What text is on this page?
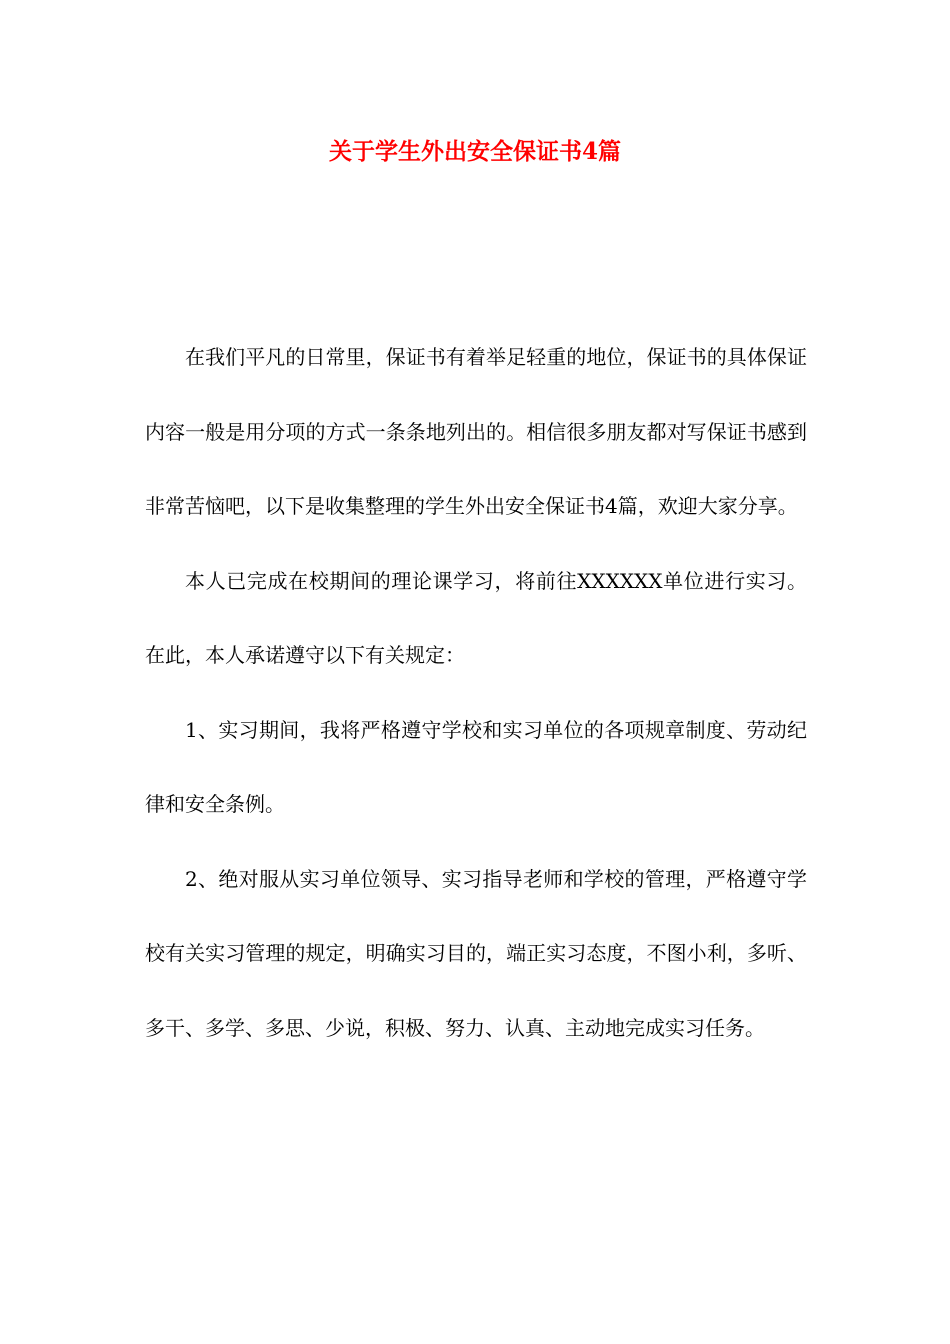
关于学生外出安全保证书4篇

在我们平凡的日常里，保证书有着举足轻重的地位，保证书的具体保证内容一般是用分项的方式一条条地列出的。相信很多朋友都对写保证书感到非常苦恼吧，以下是收集整理的学生外出安全保证书4篇，欢迎大家分享。

本人已完成在校期间的理论课学习，将前往XXXXXX单位进行实习。在此，本人承诺遵守以下有关规定：

1、实习期间，我将严格遵守学校和实习单位的各项规章制度、劳动纪律和安全条例。

2、绝对服从实习单位领导、实习指导老师和学校的管理，严格遵守学校有关实习管理的规定，明确实习目的，端正实习态度，不图小利，多听、多干、多学、多思、少说，积极、努力、认真、主动地完成实习任务。
